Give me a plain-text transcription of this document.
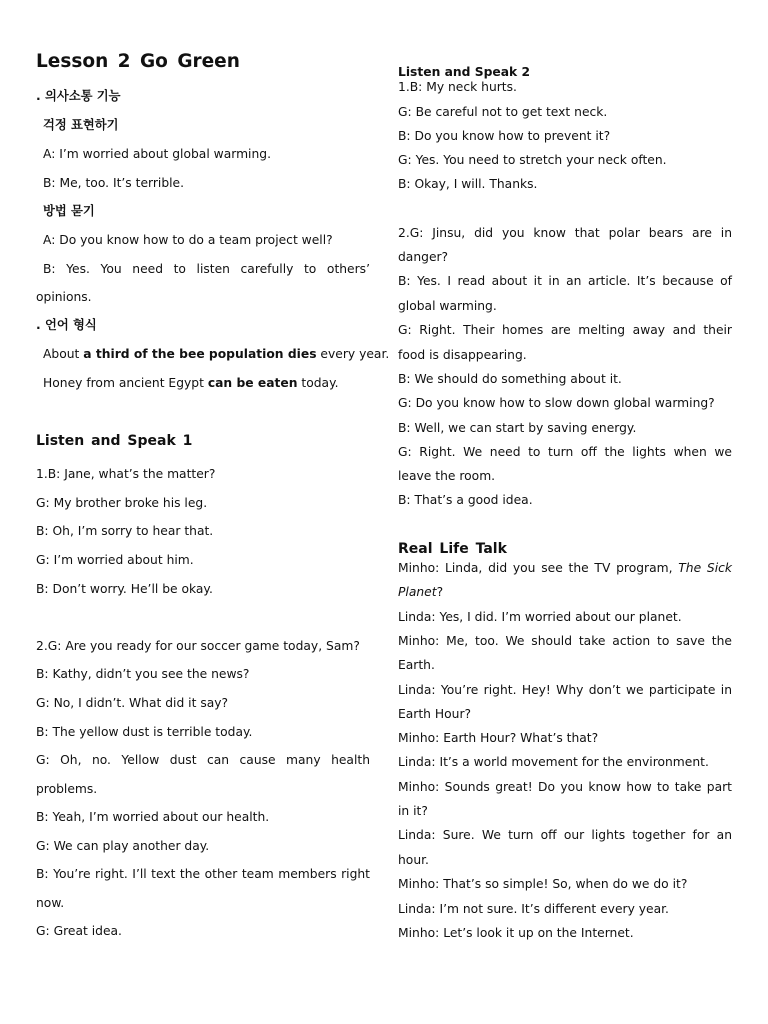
Lesson 2 Go Green
. 의사소통 기능
걱정 표현하기
A: I’m worried about global warming.
B: Me, too. It’s terrible.
방법 묻기
A: Do you know how to do a team project well?
B: Yes. You need to listen carefully to others’
opinions.
. 언어 형식
About a third of the bee population dies every year.
Honey from ancient Egypt can be eaten today.
Listen and Speak 1
1.B: Jane, what’s the matter?
G: My brother broke his leg.
B: Oh, I’m sorry to hear that.
G: I’m worried about him.
B: Don’t worry. He’ll be okay.
2.G: Are you ready for our soccer game today, Sam?
B: Kathy, didn’t you see the news?
G: No, I didn’t. What did it say?
B: The yellow dust is terrible today.
G: Oh, no. Yellow dust can cause many health
problems.
B: Yeah, I’m worried about our health.
G: We can play another day.
B: You’re right. I’ll text the other team members right
now.
G: Great idea.
Listen and Speak 2
1.B: My neck hurts.
G: Be careful not to get text neck.
B: Do you know how to prevent it?
G: Yes. You need to stretch your neck often.
B: Okay, I will. Thanks.
2.G: Jinsu, did you know that polar bears are in
danger?
B: Yes. I read about it in an article. It’s because of
global warming.
G: Right. Their homes are melting away and their
food is disappearing.
B: We should do something about it.
G: Do you know how to slow down global warming?
B: Well, we can start by saving energy.
G: Right. We need to turn off the lights when we
leave the room.
B: That’s a good idea.
Real Life Talk
Minho: Linda, did you see the TV program, The Sick
Planet?
Linda: Yes, I did. I’m worried about our planet.
Minho: Me, too. We should take action to save the
Earth.
Linda: You’re right. Hey! Why don’t we participate in
Earth Hour?
Minho: Earth Hour? What’s that?
Linda: It’s a world movement for the environment.
Minho: Sounds great! Do you know how to take part
in it?
Linda: Sure. We turn off our lights together for an
hour.
Minho: That’s so simple! So, when do we do it?
Linda: I’m not sure. It’s different every year.
Minho: Let’s look it up on the Internet.
